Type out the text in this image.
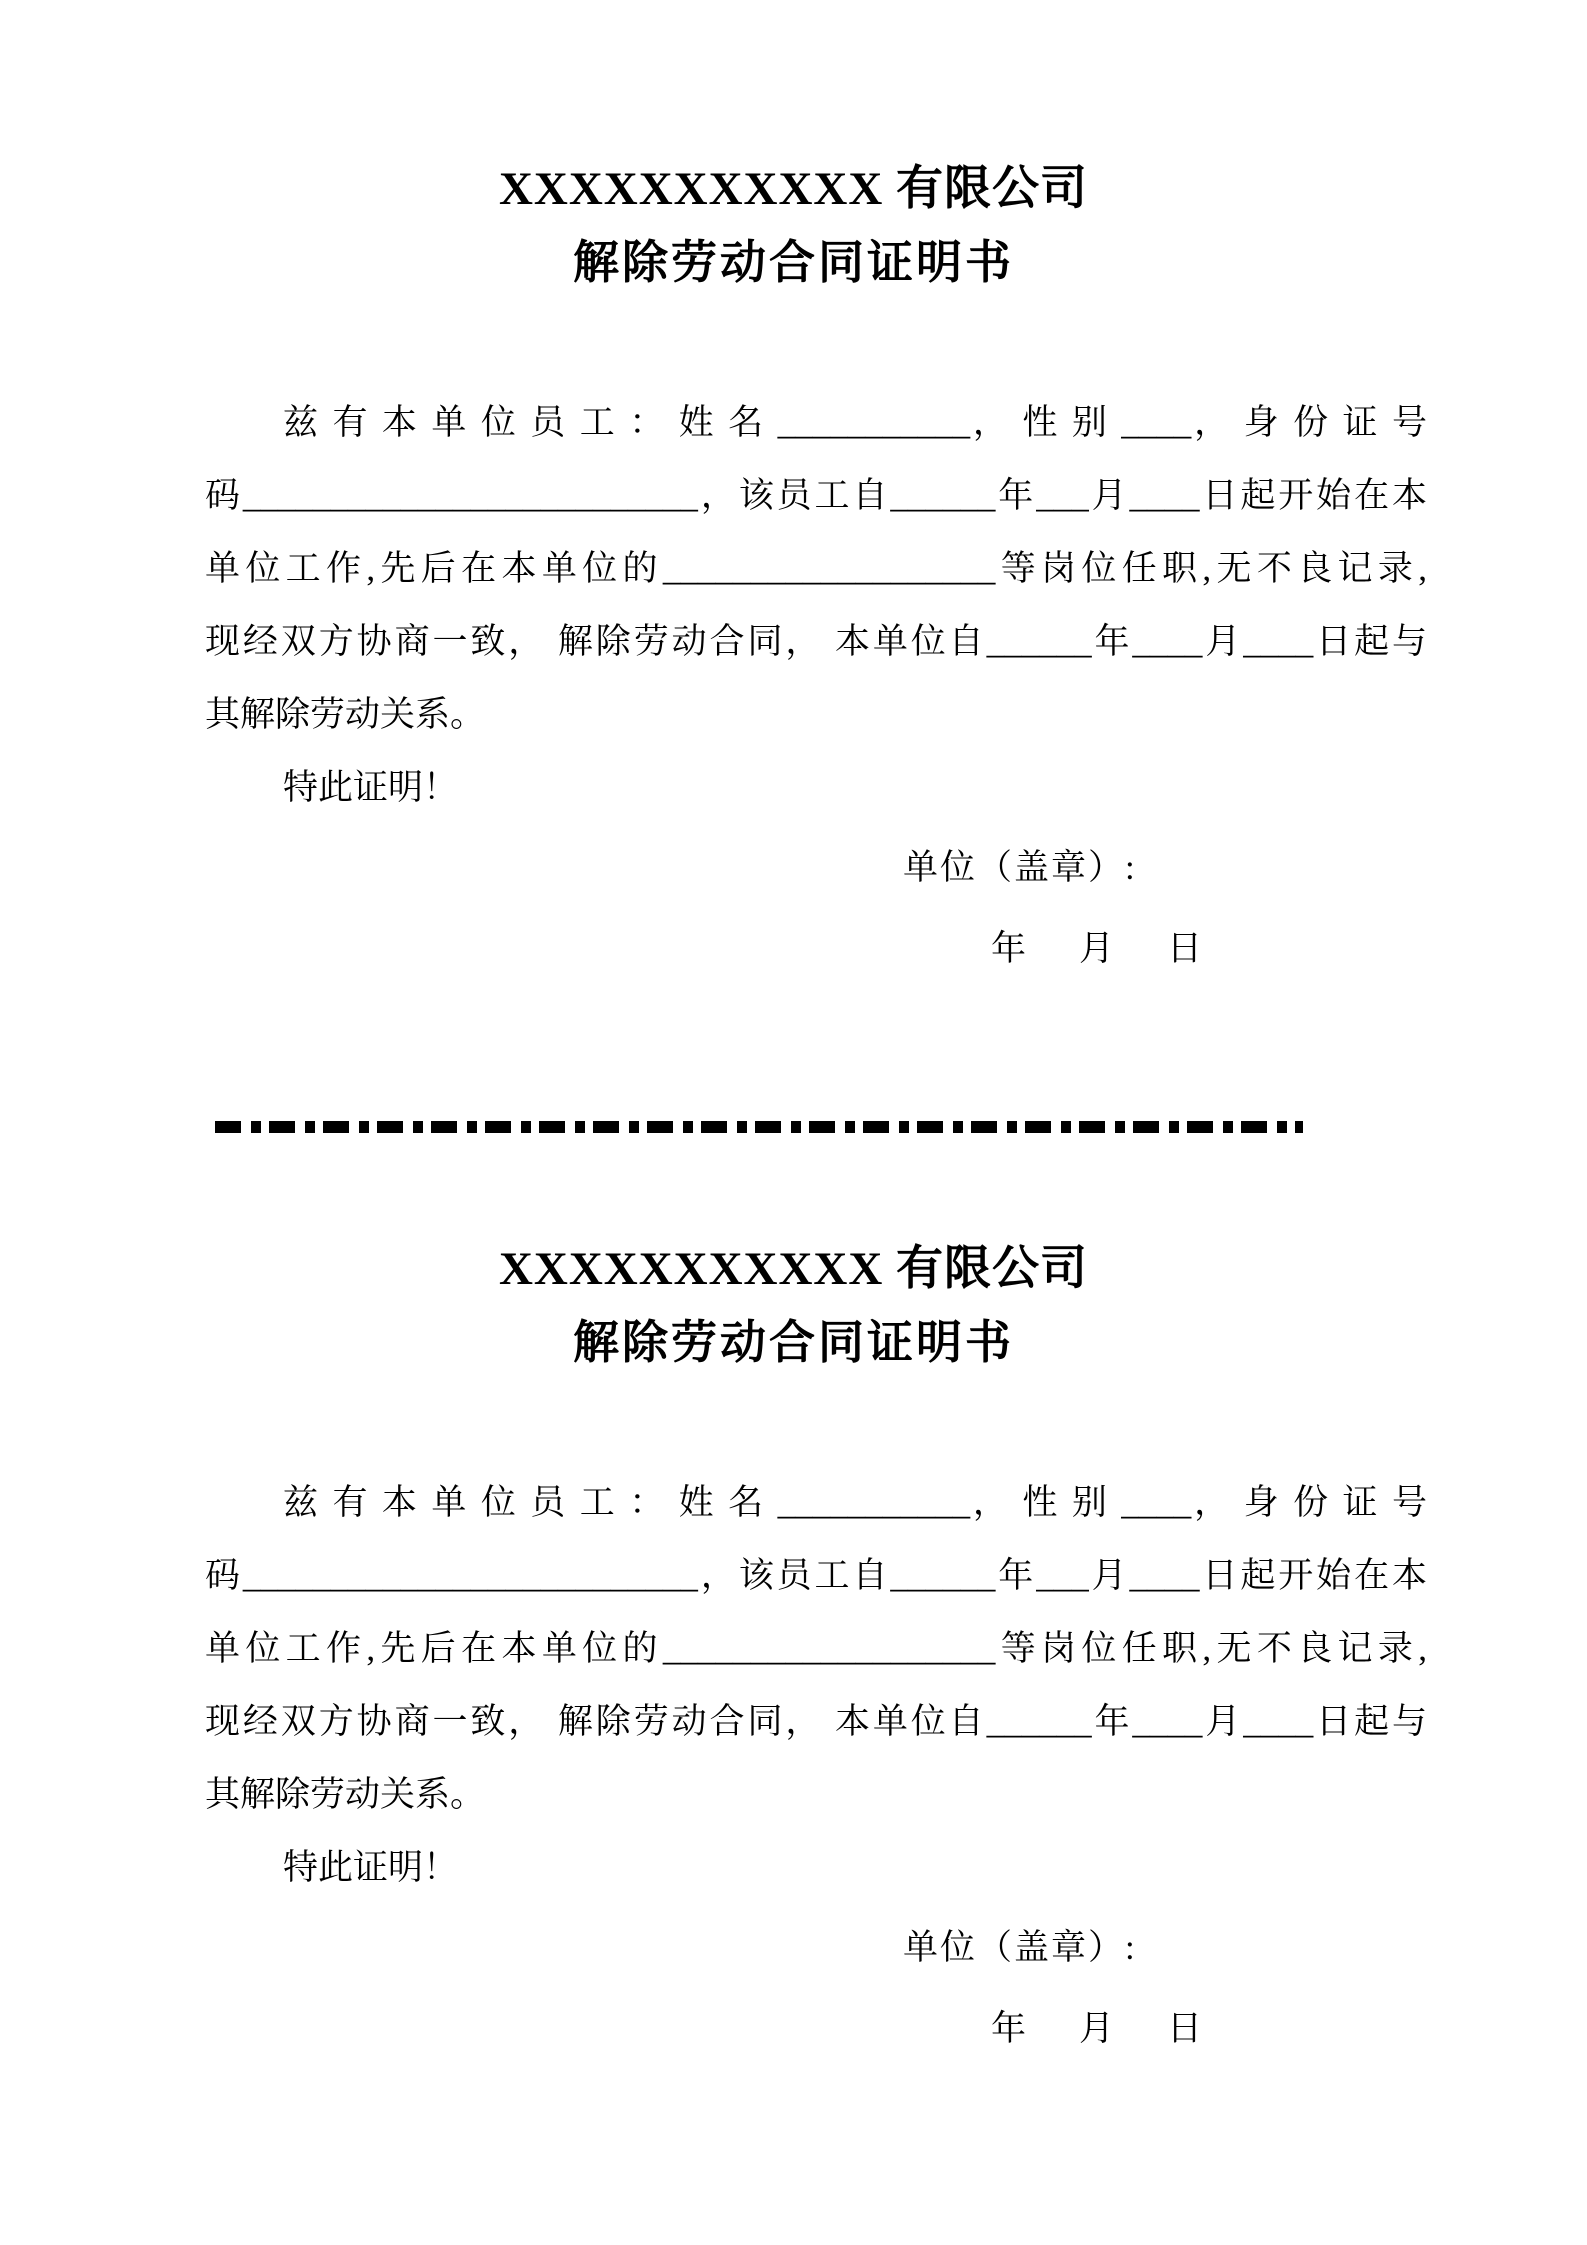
XXXXXXXXXXX 有限公司
解除劳动合同证明书
兹 有 本 单 位 员 工 ： 姓 名 ___________， 性 别 ____， 身 份 证 号
码__________________________，该员工自______年___月____日起开始在本
单位工作,先后在本单位的___________________等岗位任职,无不良记录,
现经双方协商一致， 解除劳动合同， 本单位自______年____月____日起与
其解除劳动关系。
特此证明！
单位（盖章）:
年　月　日
XXXXXXXXXXX 有限公司
解除劳动合同证明书
兹 有 本 单 位 员 工 ： 姓 名 ___________， 性 别 ____， 身 份 证 号
码__________________________，该员工自______年___月____日起开始在本
单位工作,先后在本单位的___________________等岗位任职,无不良记录,
现经双方协商一致， 解除劳动合同， 本单位自______年____月____日起与
其解除劳动关系。
特此证明！
单位（盖章）:
年　月　日
